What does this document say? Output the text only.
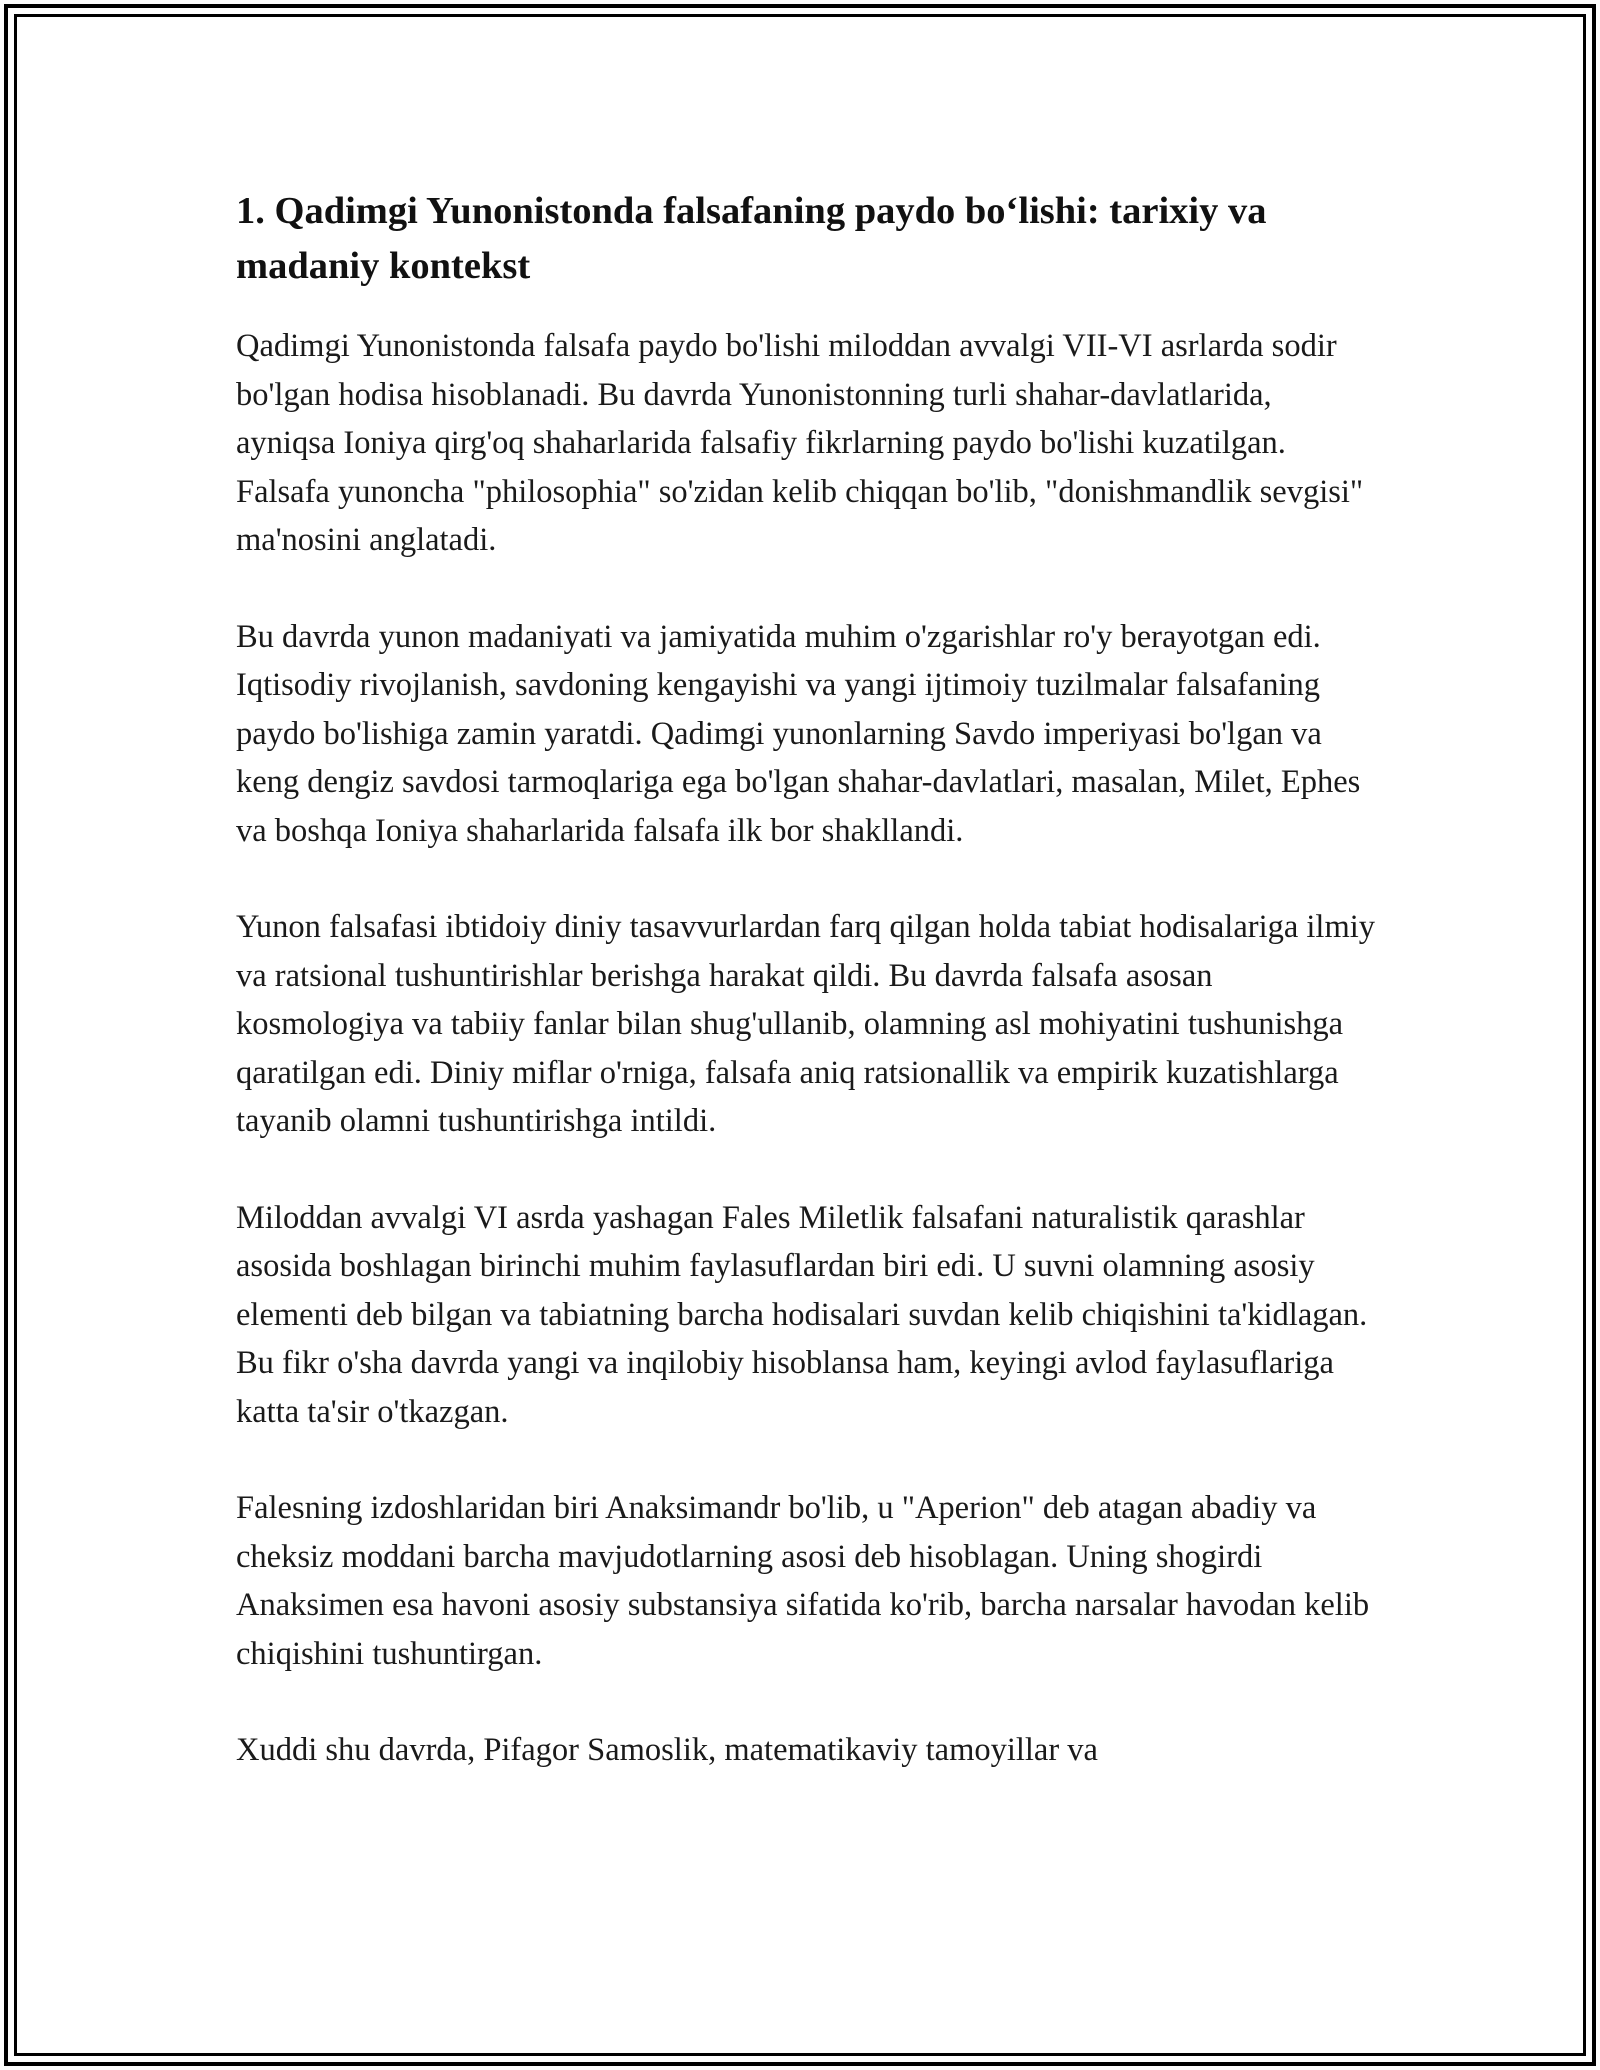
1. Qadimgi Yunonistonda falsafaning paydo bo‘lishi: tarixiy va madaniy kontekst

Qadimgi Yunonistonda falsafa paydo bo'lishi miloddan avvalgi VII-VI asrlarda sodir bo'lgan hodisa hisoblanadi. Bu davrda Yunonistonning turli shahar-davlatlarida, ayniqsa Ioniya qirg'oq shaharlarida falsafiy fikrlarning paydo bo'lishi kuzatilgan. Falsafa yunoncha "philosophia" so'zidan kelib chiqqan bo'lib, "donishmandlik sevgisi" ma'nosini anglatadi.

Bu davrda yunon madaniyati va jamiyatida muhim o'zgarishlar ro'y berayotgan edi. Iqtisodiy rivojlanish, savdoning kengayishi va yangi ijtimoiy tuzilmalar falsafaning paydo bo'lishiga zamin yaratdi. Qadimgi yunonlarning Savdo imperiyasi bo'lgan va keng dengiz savdosi tarmoqlariga ega bo'lgan shahar-davlatlari, masalan, Milet, Ephes va boshqa Ioniya shaharlarida falsafa ilk bor shakllandi.

Yunon falsafasi ibtidoiy diniy tasavvurlardan farq qilgan holda tabiat hodisalariga ilmiy va ratsional tushuntirishlar berishga harakat qildi. Bu davrda falsafa asosan kosmologiya va tabiiy fanlar bilan shug'ullanib, olamning asl mohiyatini tushunishga qaratilgan edi. Diniy miflar o'rniga, falsafa aniq ratsionallik va empirik kuzatishlarga tayanib olamni tushuntirishga intildi.

Miloddan avvalgi VI asrda yashagan Fales Miletlik falsafani naturalistik qarashlar asosida boshlagan birinchi muhim faylasuflardan biri edi. U suvni olamning asosiy elementi deb bilgan va tabiatning barcha hodisalari suvdan kelib chiqishini ta'kidlagan. Bu fikr o'sha davrda yangi va inqilobiy hisoblansa ham, keyingi avlod faylasuflariga katta ta'sir o'tkazgan.

Falesning izdoshlaridan biri Anaksimandr bo'lib, u "Aperion" deb atagan abadiy va cheksiz moddani barcha mavjudotlarning asosi deb hisoblagan. Uning shogirdi Anaksimen esa havoni asosiy substansiya sifatida ko'rib, barcha narsalar havodan kelib chiqishini tushuntirgan.

Xuddi shu davrda, Pifagor Samoslik, matematikaviy tamoyillar va
